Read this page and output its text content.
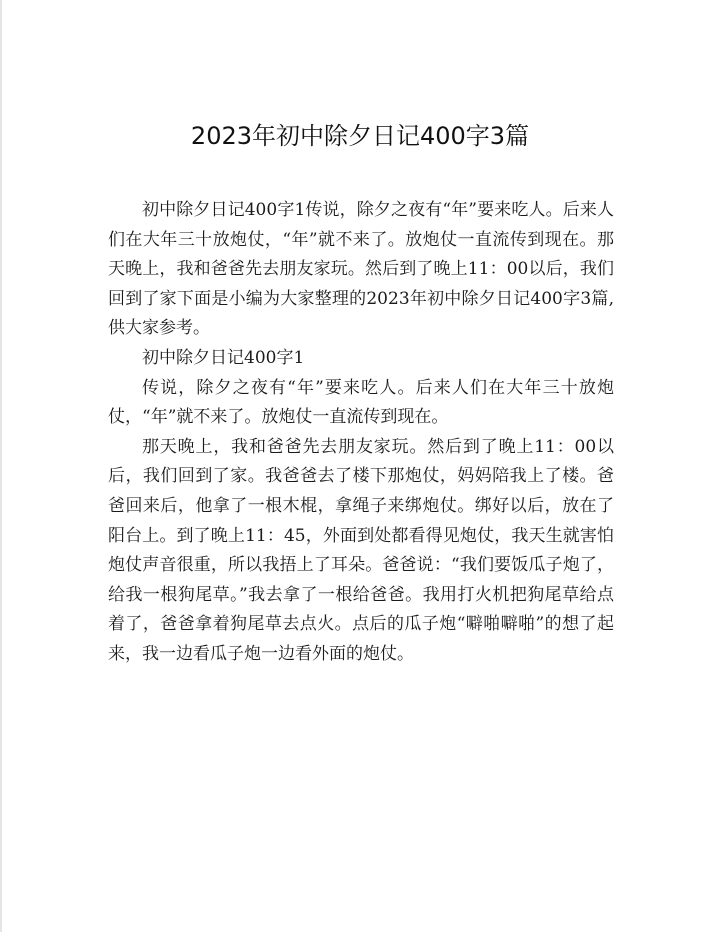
2023年初中除夕日记400字3篇

初中除夕日记400字1传说，除夕之夜有“年”要来吃人。后来人们在大年三十放炮仗，“年”就不来了。放炮仗一直流传到现在。那天晚上，我和爸爸先去朋友家玩。然后到了晚上11：00以后，我们回到了家下面是小编为大家整理的2023年初中除夕日记400字3篇,供大家参考。

初中除夕日记400字1

传说，除夕之夜有“年”要来吃人。后来人们在大年三十放炮仗，“年”就不来了。放炮仗一直流传到现在。

那天晚上，我和爸爸先去朋友家玩。然后到了晚上11：00以后，我们回到了家。我爸爸去了楼下那炮仗，妈妈陪我上了楼。爸爸回来后，他拿了一根木棍，拿绳子来绑炮仗。绑好以后，放在了阳台上。到了晚上11：45，外面到处都看得见炮仗，我天生就害怕炮仗声音很重，所以我捂上了耳朵。爸爸说：“我们要饭瓜子炮了，给我一根狗尾草。”我去拿了一根给爸爸。我用打火机把狗尾草给点着了，爸爸拿着狗尾草去点火。点后的瓜子炮“噼啪噼啪”的想了起来，我一边看瓜子炮一边看外面的炮仗。
